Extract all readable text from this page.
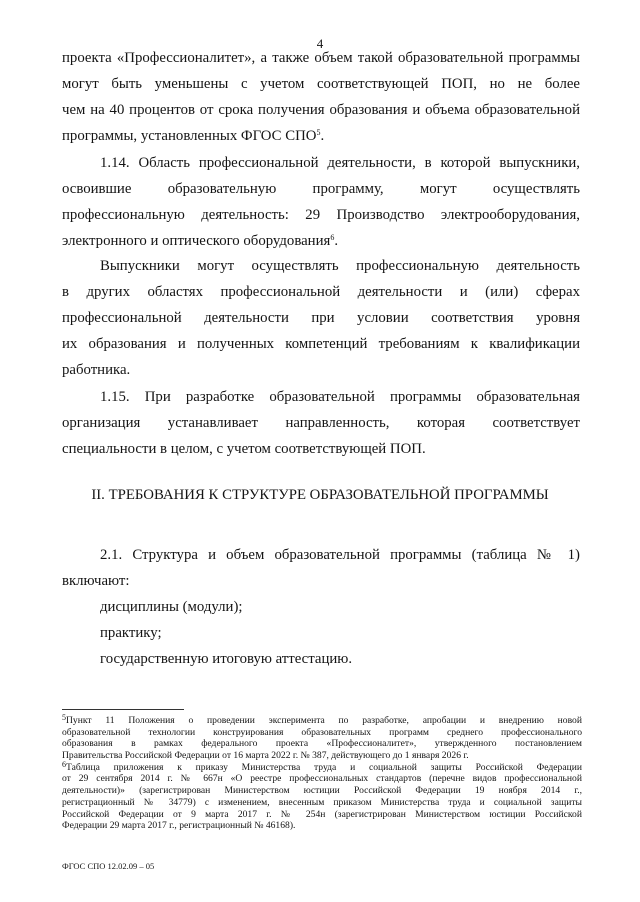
4
проекта «Профессионалитет», а также объем такой образовательной программы
могут быть уменьшены с учетом соответствующей ПОП, но не более
чем на 40 процентов от срока получения образования и объема образовательной
программы, установленных ФГОС СПО$^5$.
1.14. Область профессиональной деятельности, в которой выпускники,
освоившие образовательную программу, могут осуществлять
профессиональную деятельность: 29 Производство электрооборудования,
электронного и оптического оборудования$^6$.
Выпускники могут осуществлять профессиональную деятельность
в других областях профессиональной деятельности и (или) сферах
профессиональной деятельности при условии соответствия уровня
их образования и полученных компетенций требованиям к квалификации
работника.
1.15. При разработке образовательной программы образовательная
организация устанавливает направленность, которая соответствует
специальности в целом, с учетом соответствующей ПОП.
II. ТРЕБОВАНИЯ К СТРУКТУРЕ ОБРАЗОВАТЕЛЬНОЙ ПРОГРАММЫ
2.1. Структура и объем образовательной программы (таблица № 1)
включают:
дисциплины (модули);
практику;
государственную итоговую аттестацию.
$^5$Пункт 11 Положения о проведении эксперимента по разработке, апробации и внедрению новой
образовательной технологии конструирования образовательных программ среднего профессионального
образования в рамках федерального проекта «Профессионалитет», утвержденного постановлением
Правительства Российской Федерации от 16 марта 2022 г. № 387, действующего до 1 января 2026 г.
$^6$Таблица приложения к приказу Министерства труда и социальной защиты Российской Федерации
от 29 сентября 2014 г. № 667н «О реестре профессиональных стандартов (перечне видов профессиональной
деятельности)» (зарегистрирован Министерством юстиции Российской Федерации 19 ноября 2014 г.,
регистрационный № 34779) с изменением, внесенным приказом Министерства труда и социальной защиты
Российской Федерации от 9 марта 2017 г. № 254н (зарегистрирован Министерством юстиции Российской
Федерации 29 марта 2017 г., регистрационный № 46168).
ФГОС СПО 12.02.09 – 05
